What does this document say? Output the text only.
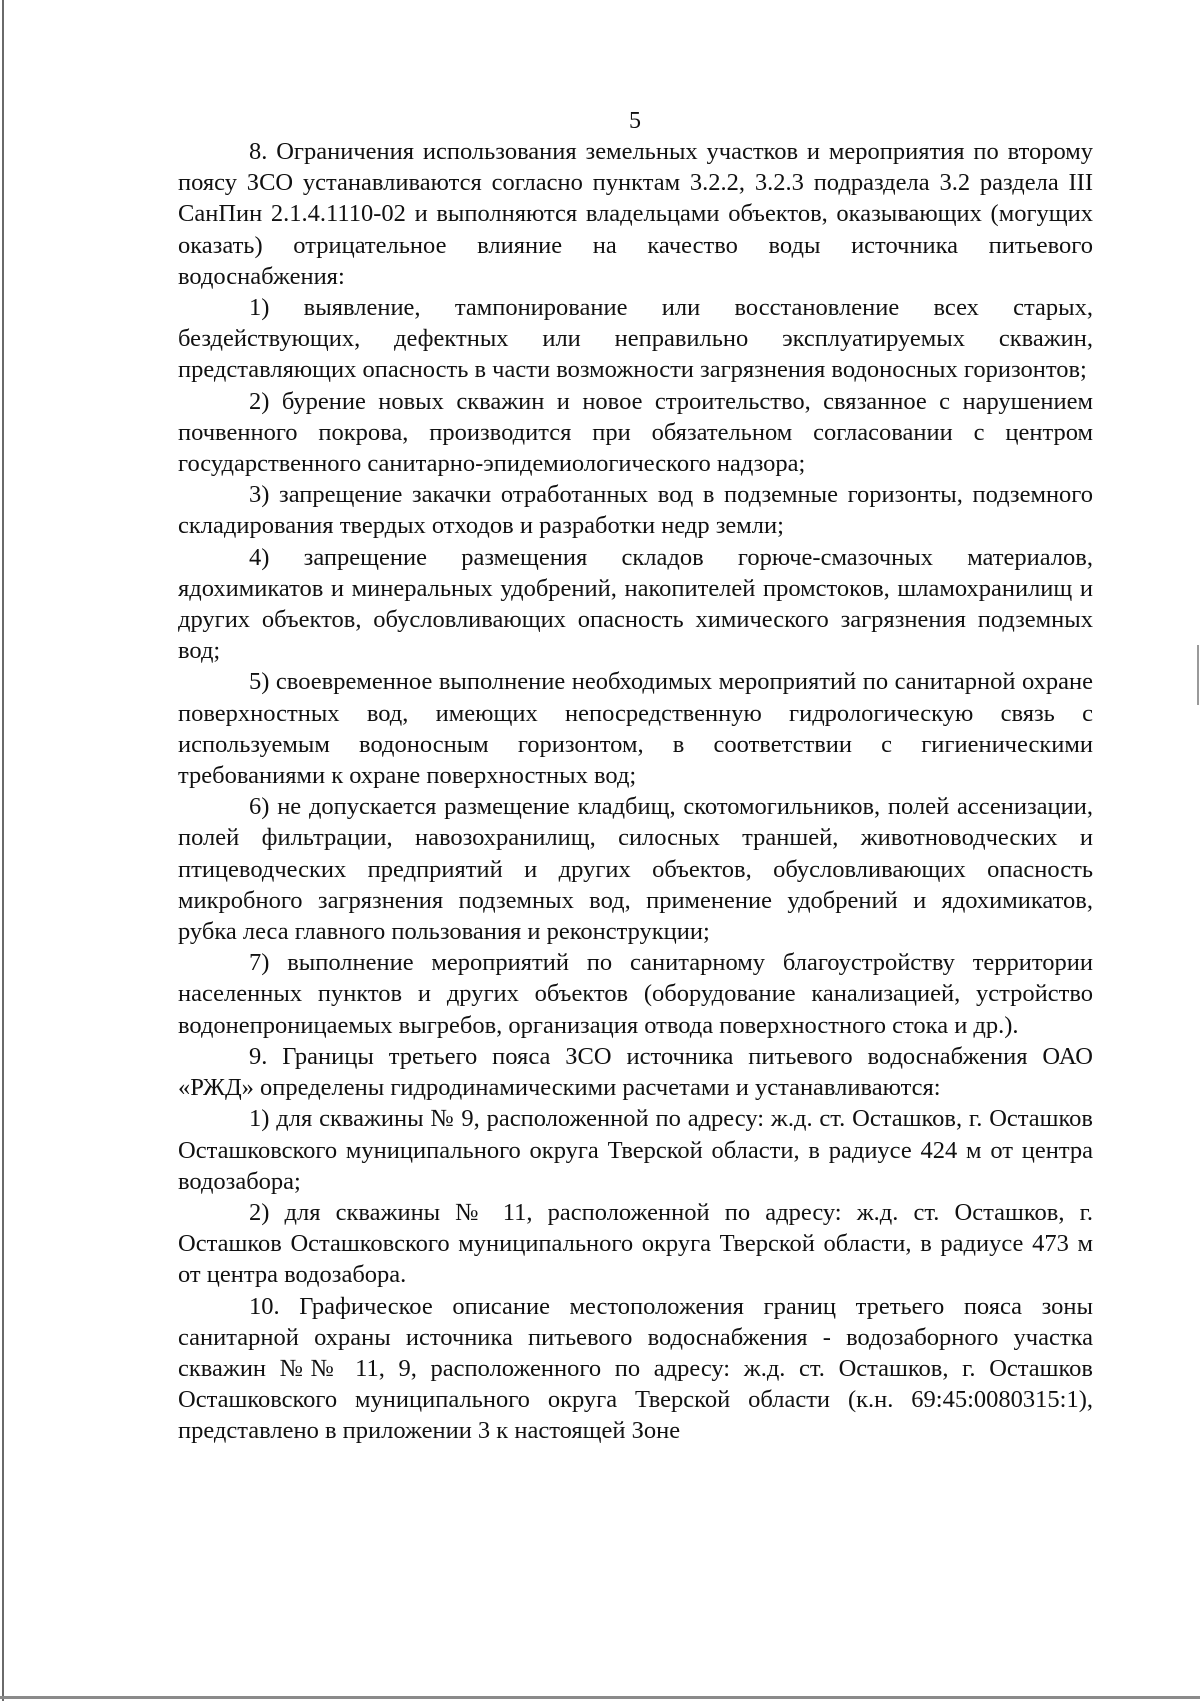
5

8. Ограничения использования земельных участков и мероприятия по второму поясу ЗСО устанавливаются согласно пунктам 3.2.2, 3.2.3 подраздела 3.2 раздела III СанПин 2.1.4.1110-02 и выполняются владельцами объектов, оказывающих (могущих оказать) отрицательное влияние на качество воды источника питьевого водоснабжения:

1) выявление, тампонирование или восстановление всех старых, бездействующих, дефектных или неправильно эксплуатируемых скважин, представляющих опасность в части возможности загрязнения водоносных горизонтов;

2) бурение новых скважин и новое строительство, связанное с нарушением почвенного покрова, производится при обязательном согласовании с центром государственного санитарно-эпидемиологического надзора;

3) запрещение закачки отработанных вод в подземные горизонты, подземного складирования твердых отходов и разработки недр земли;

4) запрещение размещения складов горюче-смазочных материалов, ядохимикатов и минеральных удобрений, накопителей промстоков, шламохранилищ и других объектов, обусловливающих опасность химического загрязнения подземных вод;

5) своевременное выполнение необходимых мероприятий по санитарной охране поверхностных вод, имеющих непосредственную гидрологическую связь с используемым водоносным горизонтом, в соответствии с гигиеническими требованиями к охране поверхностных вод;

6) не допускается размещение кладбищ, скотомогильников, полей ассенизации, полей фильтрации, навозохранилищ, силосных траншей, животноводческих и птицеводческих предприятий и других объектов, обусловливающих опасность микробного загрязнения подземных вод, применение удобрений и ядохимикатов, рубка леса главного пользования и реконструкции;

7) выполнение мероприятий по санитарному благоустройству территории населенных пунктов и других объектов (оборудование канализацией, устройство водонепроницаемых выгребов, организация отвода поверхностного стока и др.).

9. Границы третьего пояса ЗСО источника питьевого водоснабжения ОАО «РЖД» определены гидродинамическими расчетами и устанавливаются:

1) для скважины № 9, расположенной по адресу: ж.д. ст. Осташков, г. Осташков Осташковского муниципального округа Тверской области, в радиусе 424 м от центра водозабора;

2) для скважины № 11, расположенной по адресу: ж.д. ст. Осташков, г. Осташков Осташковского муниципального округа Тверской области, в радиусе 473 м от центра водозабора.

10. Графическое описание местоположения границ третьего пояса зоны санитарной охраны источника питьевого водоснабжения - водозаборного участка скважин №№ 11, 9, расположенного по адресу: ж.д. ст. Осташков, г. Осташков Осташковского муниципального округа Тверской области (к.н. 69:45:0080315:1), представлено в приложении 3 к настоящей Зоне
